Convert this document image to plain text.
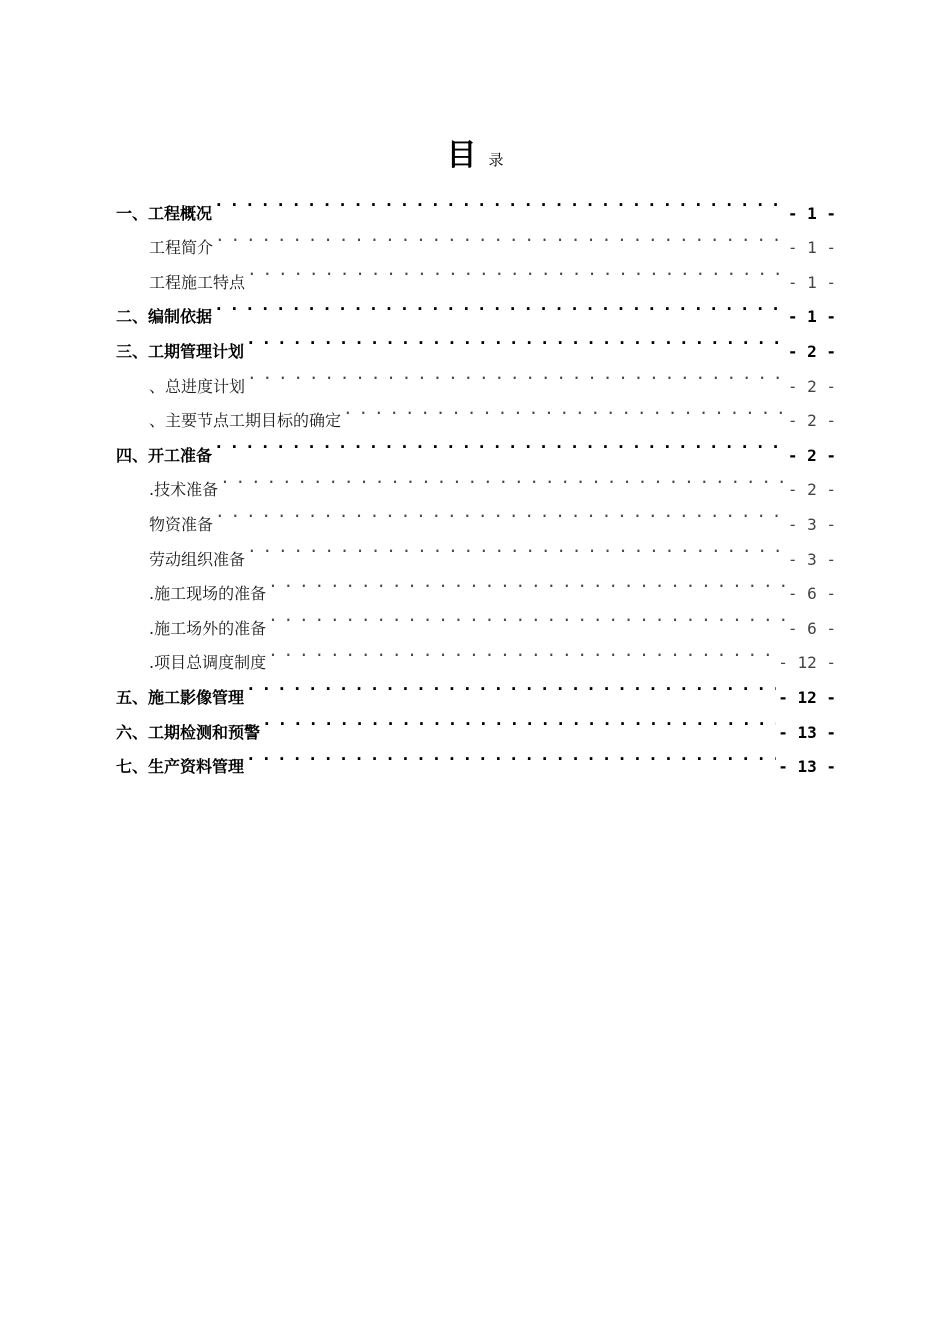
目录
一、工程概况 . . .	- 1 -
工程简介 . . .	- 1 -
工程施工特点 . . .	- 1 -
二、编制依据 . . .	- 1 -
三、工期管理计划 . . .	- 2 -
、总进度计划 . . .	- 2 -
、主要节点工期目标的确定 . . .	- 2 -
四、开工准备 . . .	- 2 -
.技术准备 . . .	- 2 -
物资准备 . . .	- 3 -
劳动组织准备 . . .	- 3 -
.施工现场的准备 . . .	- 6 -
.施工场外的准备 . . .	- 6 -
.项目总调度制度 . . .	- 12 -
五、施工影像管理 . . .	- 12 -
六、工期检测和预警 . . .	- 13 -
七、生产资料管理 . . .	- 13 -
